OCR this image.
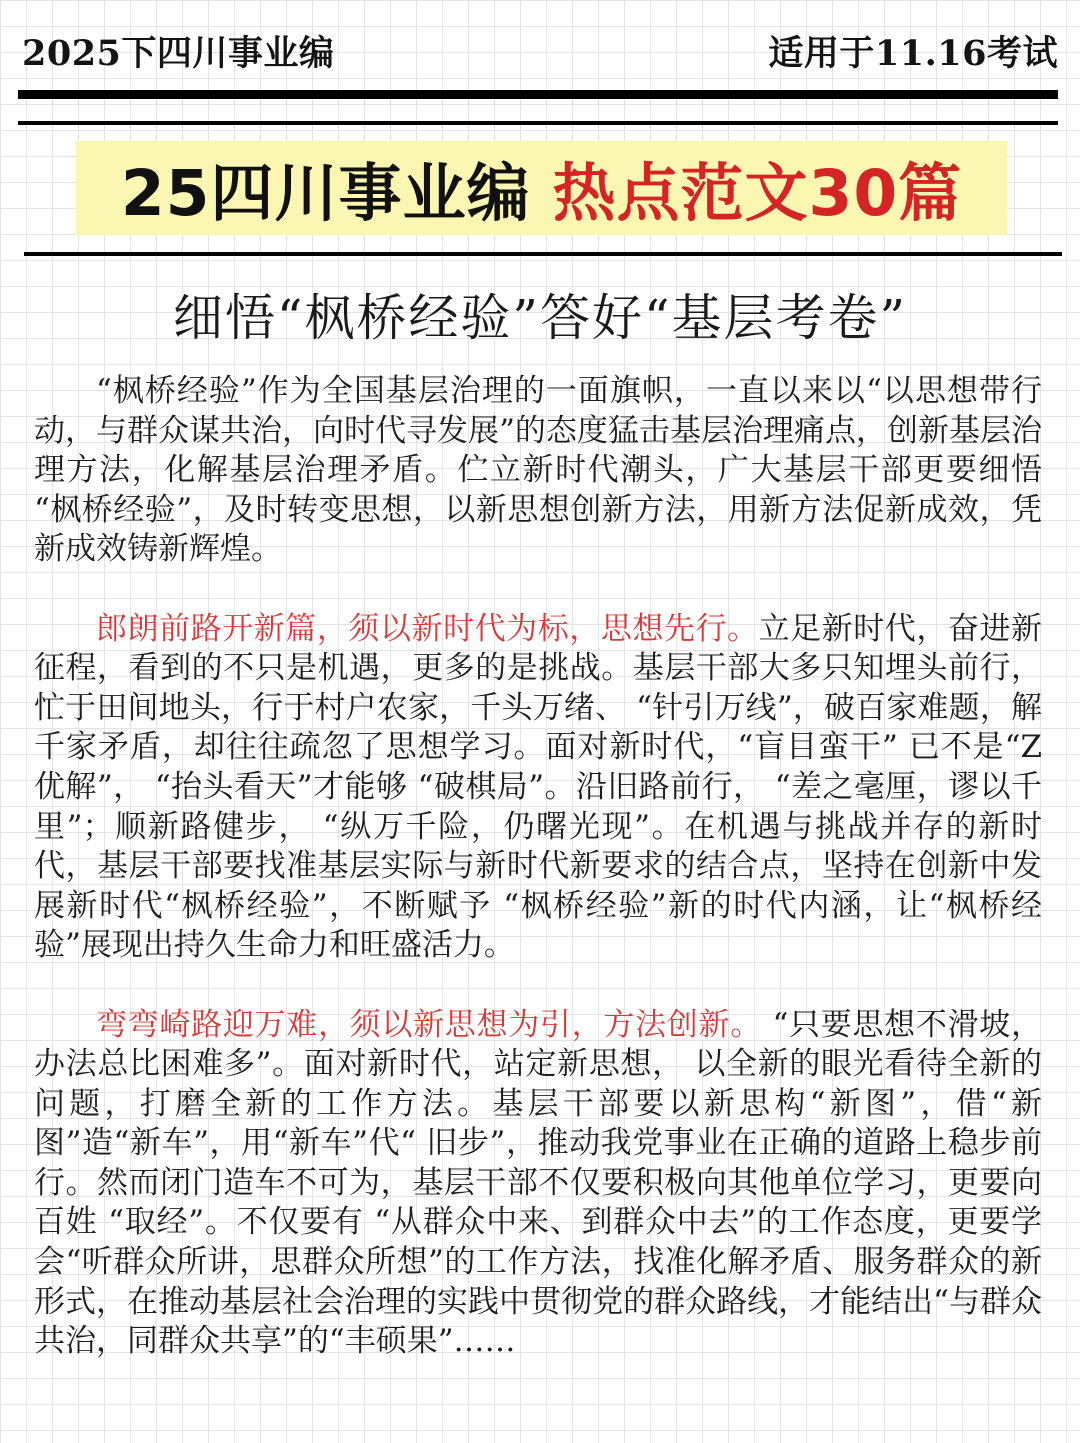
2025下四川事业编	适用于11.16考试
25四川事业编 热点范文30篇
细悟“枫桥经验”答好“基层考卷”

“枫桥经验”作为全国基层治理的一面旗帜，一直以来以“以思想带行动，与群众谋共治，向时代寻发展”的态度猛击基层治理痛点，创新基层治理方法，化解基层治理矛盾。伫立新时代潮头，广大基层干部更要细悟 “枫桥经验”，及时转变思想，以新思想创新方法，用新方法促新成效，凭新成效铸新辉煌。

郎朗前路开新篇，须以新时代为标，思想先行。立足新时代，奋进新征程，看到的不只是机遇，更多的是挑战。基层干部大多只知埋头前行，忙于田间地头，行于村户农家，千头万绪、 “针引万线”，破百家难题，解千家矛盾，却往往疏忽了思想学习。面对新时代，“盲目蛮干” 已不是“Z优解”， “抬头看天”才能够 “破棋局”。沿旧路前行， “差之毫厘，谬以千里”；顺新路健步， “纵万千险，仍曙光现”。在机遇与挑战并存的新时代，基层干部要找准基层实际与新时代新要求的结合点，坚持在创新中发展新时代“枫桥经验”，不断赋予 “枫桥经验”新的时代内涵，让“枫桥经验”展现出持久生命力和旺盛活力。

弯弯崎路迎万难，须以新思想为引，方法创新。 “只要思想不滑坡，办法总比困难多”。面对新时代，站定新思想， 以全新的眼光看待全新的问题，打磨全新的工作方法。基层干部要以新思构“新图”，借“新图”造“新车”，用“新车”代“ 旧步”，推动我党事业在正确的道路上稳步前行。然而闭门造车不可为，基层干部不仅要积极向其他单位学习，更要向百姓 “取经”。不仅要有 “从群众中来、到群众中去”的工作态度，更要学会“听群众所讲，思群众所想”的工作方法，找准化解矛盾、服务群众的新形式，在推动基层社会治理的实践中贯彻党的群众路线，才能结出“与群众共治，同群众共享”的“丰硕果”……
